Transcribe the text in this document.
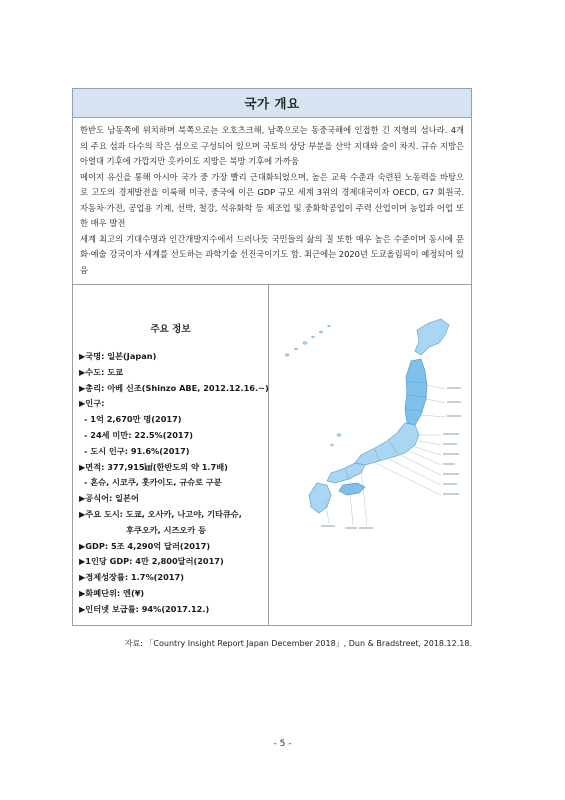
국가 개요

한반도 남동쪽에 위치하며 북쪽으로는 오호츠크해, 남쪽으로는 동중국해에 인접한 긴 지형의 섬나라. 4개의 주요 섬과 다수의 작은 섬으로 구성되어 있으며 국토의 상당 부분을 산악 지대와 숲이 차지. 규슈 지방은 아열대 기후에 가깝지만 홋카이도 지방은 북방 기후에 가까움

메이지 유신을 통해 아시아 국가 중 가장 빨리 근대화되었으며, 높은 교육 수준과 숙련된 노동력을 바탕으로 고도의 경제발전을 이룩해 미국, 중국에 이은 GDP 규모 세계 3위의 경제대국이자 OECD, G7 회원국. 자동차·가전, 공업용 기계, 선박, 철강, 석유화학 등 제조업 및 중화학공업이 주력 산업이며 농업과 어업 또한 매우 발전

세계 최고의 기대수명과 인간개발지수에서 드러나듯 국민들의 삶의 질 또한 매우 높은 수준이며 동시에 문화·예술 강국이자 세계를 선도하는 과학기술 선진국이기도 함. 최근에는 2020년 도쿄올림픽이 예정되어 있음

주요 정보
▶국명: 일본(Japan)
▶수도: 도쿄
▶총리: 아베 신조(Shinzo ABE, 2012.12.16.~)
▶인구:
- 1억 2,670만 명(2017)
- 24세 미만: 22.5%(2017)
- 도시 인구: 91.6%(2017)
▶면적: 377,915㎢(한반도의 약 1.7배)
- 혼슈, 시코쿠, 홋카이도, 규슈로 구분
▶공식어: 일본어
▶주요 도시: 도쿄, 오사카, 나고야, 기타큐슈,
후쿠오카, 시즈오카 등
▶GDP: 5조 4,290억 달러(2017)
▶1인당 GDP: 4만 2,800달러(2017)
▶경제성장률: 1.7%(2017)
▶화폐단위: 엔(¥)
▶인터넷 보급률: 94%(2017.12.)
자료: 「Country Insight Report Japan December 2018」, Dun & Bradstreet, 2018.12.18.
- 5 -
